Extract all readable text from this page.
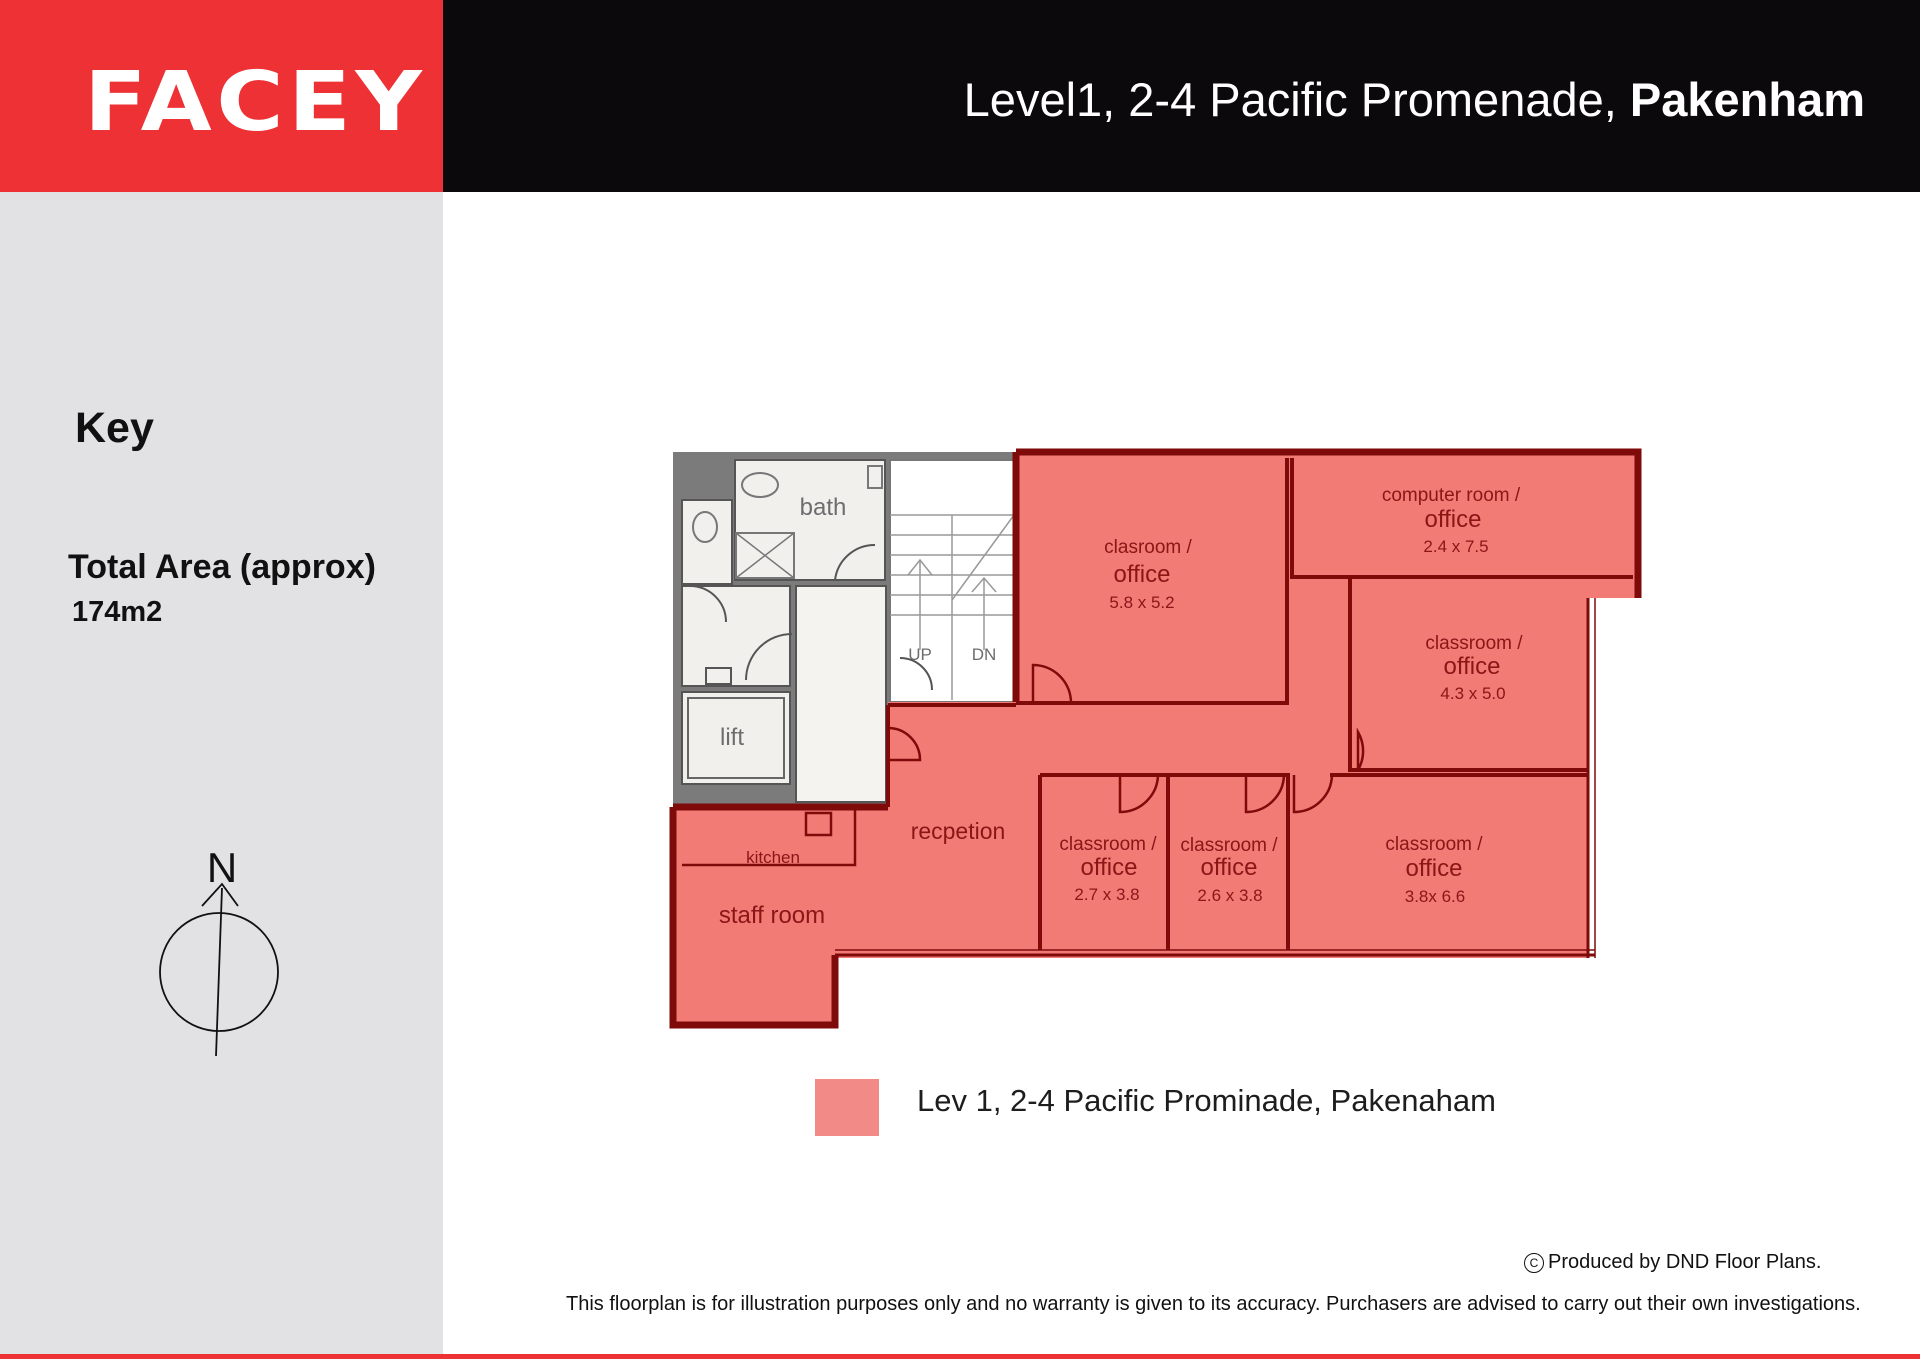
FACEY	Level1, 2-4 Pacific Promenade, Pakenham
Key
Total Area (approx)
174m2
N
bath
lift
UP DN
clasroom /
office
5.8 x 5.2
computer room /
office
2.4 x 7.5
classroom /
office
4.3 x 5.0
classroom /
office
2.7 x 3.8
classroom /
office
2.6 x 3.8
classroom /
office
3.8x 6.6
recpetion
kitchen
staff room
Lev 1, 2-4 Pacific Prominade, Pakenaham
C Produced by DND Floor Plans.
This floorplan is for illustration purposes only and no warranty is given to its accuracy. Purchasers are advised to carry out their own investigations.
